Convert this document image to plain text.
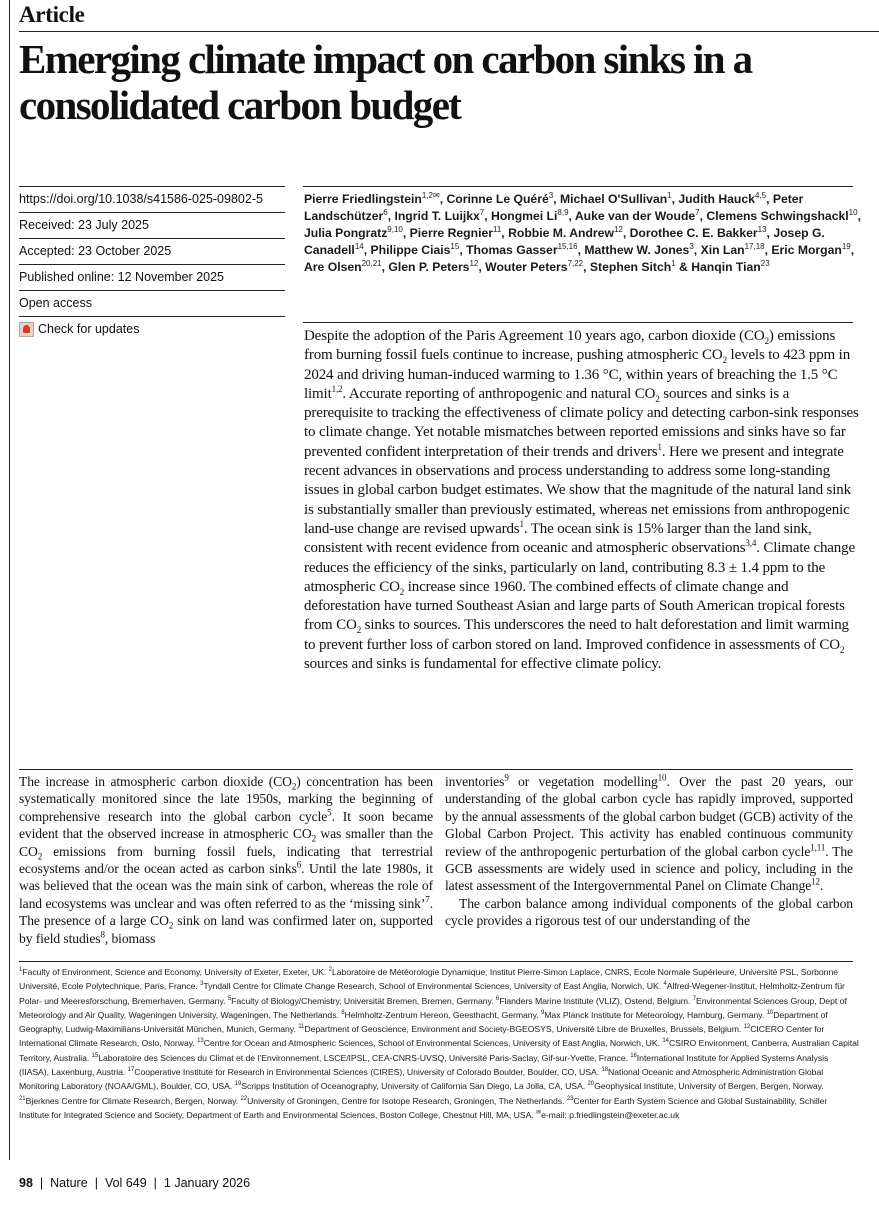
Article
Emerging climate impact on carbon sinks in a consolidated carbon budget
https://doi.org/10.1038/s41586-025-09802-5
Received: 23 July 2025
Accepted: 23 October 2025
Published online: 12 November 2025
Open access
Check for updates
Pierre Friedlingstein$^{1,2✉}$, Corinne Le Quéré$^3$, Michael O'Sullivan$^1$, Judith Hauck$^{4,5}$, Peter Landschützer$^6$, Ingrid T. Luijkx$^7$, Hongmei Li$^{8,9}$, Auke van der Woude$^7$, Clemens Schwingshackl$^{10}$, Julia Pongratz$^{9,10}$, Pierre Regnier$^{11}$, Robbie M. Andrew$^{12}$, Dorothee C. E. Bakker$^{13}$, Josep G. Canadell$^{14}$, Philippe Ciais$^{15}$, Thomas Gasser$^{15,16}$, Matthew W. Jones$^3$, Xin Lan$^{17,18}$, Eric Morgan$^{19}$, Are Olsen$^{20,21}$, Glen P. Peters$^{12}$, Wouter Peters$^{7,22}$, Stephen Sitch$^1$ & Hanqin Tian$^{23}$

Despite the adoption of the Paris Agreement 10 years ago, carbon dioxide $(CO_2)$ emissions from burning fossil fuels continue to increase, pushing atmospheric $CO_2$ levels to 423 ppm in 2024 and driving human-induced warming to 1.36 °C, within years of breaching the 1.5 °C limit$^{1,2}$. Accurate reporting of anthropogenic and natural $CO_2$ sources and sinks is a prerequisite to tracking the effectiveness of climate policy and detecting carbon-sink responses to climate change. Yet notable mismatches between reported emissions and sinks have so far prevented confident interpretation of their trends and drivers$^1$. Here we present and integrate recent advances in observations and process understanding to address some long-standing issues in global carbon budget estimates. We show that the magnitude of the natural land sink is substantially smaller than previously estimated, whereas net emissions from anthropogenic land-use change are revised upwards$^1$. The ocean sink is 15% larger than the land sink, consistent with recent evidence from oceanic and atmospheric observations$^{3,4}$. Climate change reduces the efficiency of the sinks, particularly on land, contributing 8.3 ± 1.4 ppm to the atmospheric $CO_2$ increase since 1960. The combined effects of climate change and deforestation have turned Southeast Asian and large parts of South American tropical forests from $CO_2$ sinks to sources. This underscores the need to halt deforestation and limit warming to prevent further loss of carbon stored on land. Improved confidence in assessments of $CO_2$ sources and sinks is fundamental for effective climate policy.

The increase in atmospheric carbon dioxide $(CO_2)$ concentration has been systematically monitored since the late 1950s, marking the beginning of comprehensive research into the global carbon cycle$^5$. It soon became evident that the observed increase in atmospheric $CO_2$ was smaller than the $CO_2$ emissions from burning fossil fuels, indicating that terrestrial ecosystems and/or the ocean acted as carbon sinks$^6$. Until the late 1980s, it was believed that the ocean was the main sink of carbon, whereas the role of land ecosystems was unclear and was often referred to as the ‘missing sink’$^7$. The presence of a large $CO_2$ sink on land was confirmed later on, supported by field studies$^8$, biomass

inventories$^9$ or vegetation modelling$^{10}$. Over the past 20 years, our understanding of the global carbon cycle has rapidly improved, supported by the annual assessments of the global carbon budget (GCB) activity of the Global Carbon Project. This activity has enabled continuous community review of the anthropogenic perturbation of the global carbon cycle$^{1,11}$. The GCB assessments are widely used in science and policy, including in the latest assessment of the Intergovernmental Panel on Climate Change$^{12}$.

The carbon balance among individual components of the global carbon cycle provides a rigorous test of our understanding of the

$^1$Faculty of Environment, Science and Economy, University of Exeter, Exeter, UK. $^2$Laboratoire de Météorologie Dynamique, Institut Pierre-Simon Laplace, CNRS, Ecole Normale Supérieure, Université PSL, Sorbonne Université, Ecole Polytechnique, Paris, France. $^3$Tyndall Centre for Climate Change Research, School of Environmental Sciences, University of East Anglia, Norwich, UK. $^4$Alfred-Wegener-Institut, Helmholtz-Zentrum für Polar- und Meeresforschung, Bremerhaven, Germany. $^5$Faculty of Biology/Chemistry, Universität Bremen, Bremen, Germany. $^6$Flanders Marine Institute (VLIZ), Ostend, Belgium. $^7$Environmental Sciences Group, Dept of Meteorology and Air Quality, Wageningen University, Wageningen, The Netherlands. $^8$Helmholtz-Zentrum Hereon, Geesthacht, Germany. $^9$Max Planck Institute for Meteorology, Hamburg, Germany. $^{10}$Department of Geography, Ludwig-Maximilians-Universität München, Munich, Germany. $^{11}$Department of Geoscience, Environment and Society-BGEOSYS, Université Libre de Bruxelles, Brussels, Belgium. $^{12}$CICERO Center for International Climate Research, Oslo, Norway. $^{13}$Centre for Ocean and Atmospheric Sciences, School of Environmental Sciences, University of East Anglia, Norwich, UK. $^{14}$CSIRO Environment, Canberra, Australian Capital Territory, Australia. $^{15}$Laboratoire des Sciences du Climat et de l’Environnement, LSCE/IPSL, CEA-CNRS-UVSQ, Université Paris-Saclay, Gif-sur-Yvette, France. $^{16}$International Institute for Applied Systems Analysis (IIASA), Laxenburg, Austria. $^{17}$Cooperative Institute for Research in Environmental Sciences (CIRES), University of Colorado Boulder, Boulder, CO, USA. $^{18}$National Oceanic and Atmospheric Administration Global Monitoring Laboratory (NOAA/GML), Boulder, CO, USA. $^{19}$Scripps Institution of Oceanography, University of California San Diego, La Jolla, CA, USA. $^{20}$Geophysical Institute, University of Bergen, Bergen, Norway. $^{21}$Bjerknes Centre for Climate Research, Bergen, Norway. $^{22}$University of Groningen, Centre for Isotope Research, Groningen, The Netherlands. $^{23}$Center for Earth System Science and Global Sustainability, Schiller Institute for Integrated Science and Society, Department of Earth and Environmental Sciences, Boston College, Chestnut Hill, MA, USA. ✉e-mail: p.friedlingstein@exeter.ac.uk

98 | Nature | Vol 649 | 1 January 2026
